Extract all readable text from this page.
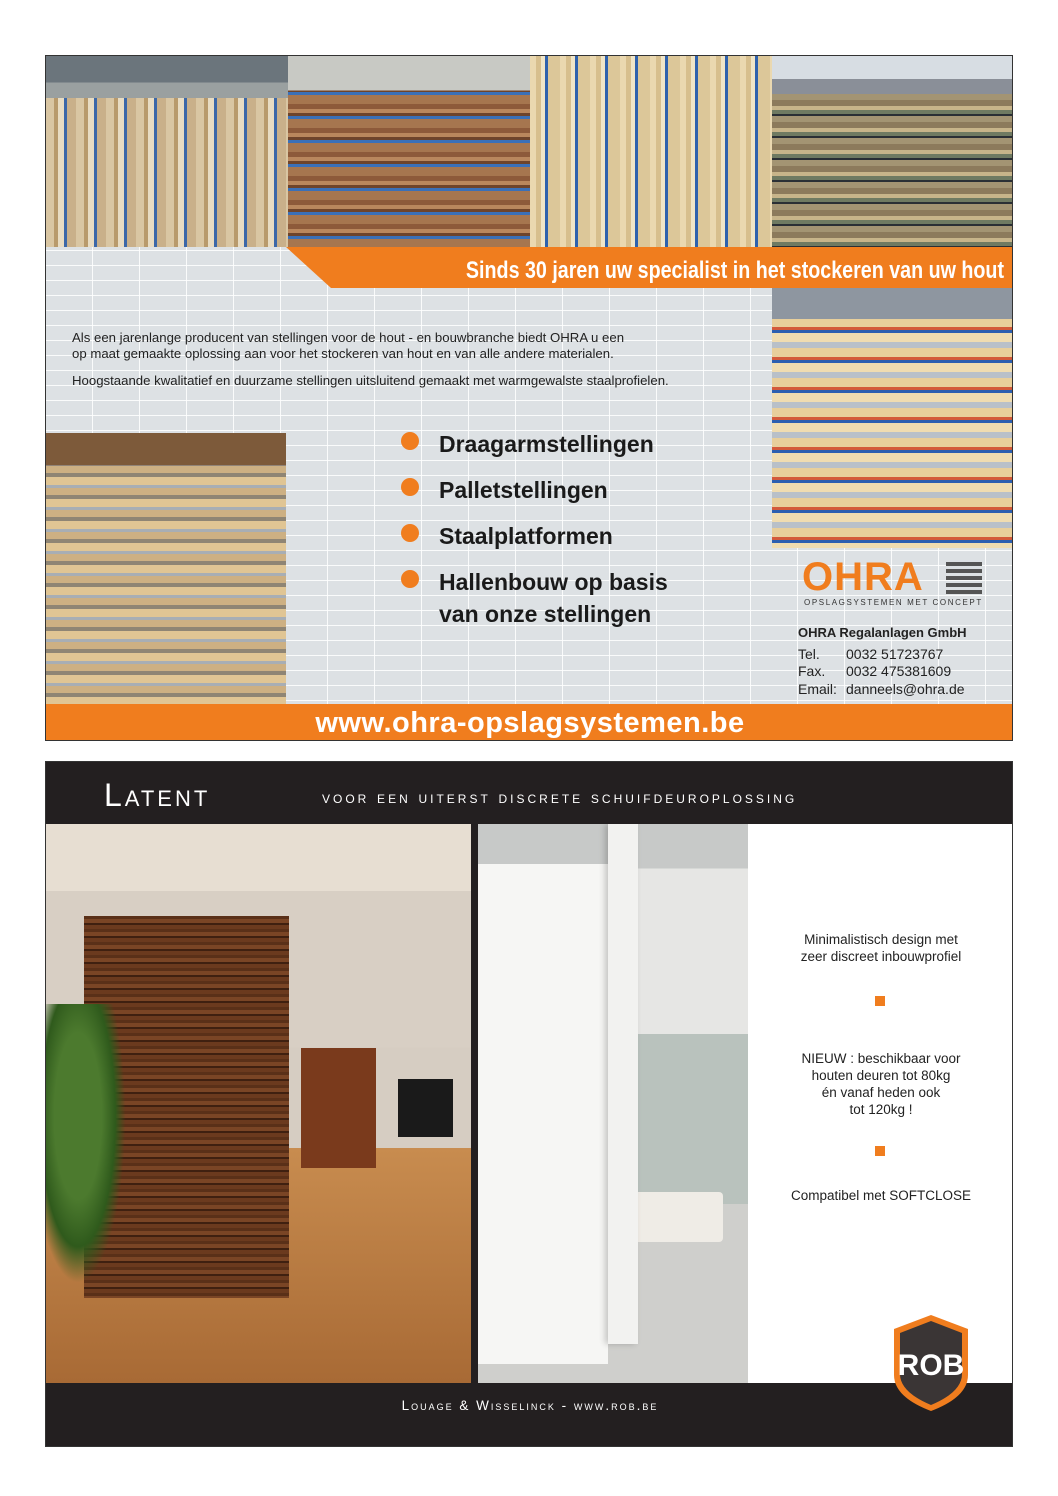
Sinds 30 jaren uw specialist in het stockeren van uw hout
Als een jarenlange producent van stellingen voor de hout - en bouwbranche biedt OHRA u een
op maat gemaakte oplossing aan voor het stockeren van hout en van alle andere materialen.
Hoogstaande kwalitatief en duurzame stellingen uitsluitend gemaakt met warmgewalste staalprofielen.
Draagarmstellingen
Palletstellingen
Staalplatformen
Hallenbouw op basis
van onze stellingen
OHRA
OPSLAGSYSTEMEN MET CONCEPT
OHRA Regalanlagen GmbH
Tel. 0032 51723767
Fax. 0032 475381609
Email: danneels@ohra.de
www.ohra-opslagsystemen.be
Latent	voor een uiterst discrete schuifdeuroplossing
Minimalistisch design met
zeer discreet inbouwprofiel
NIEUW : beschikbaar voor
houten deuren tot 80kg
én vanaf heden ook
tot 120kg !
Compatibel met SOFTCLOSE
ROB
Louage & Wisselinck - www.rob.be
